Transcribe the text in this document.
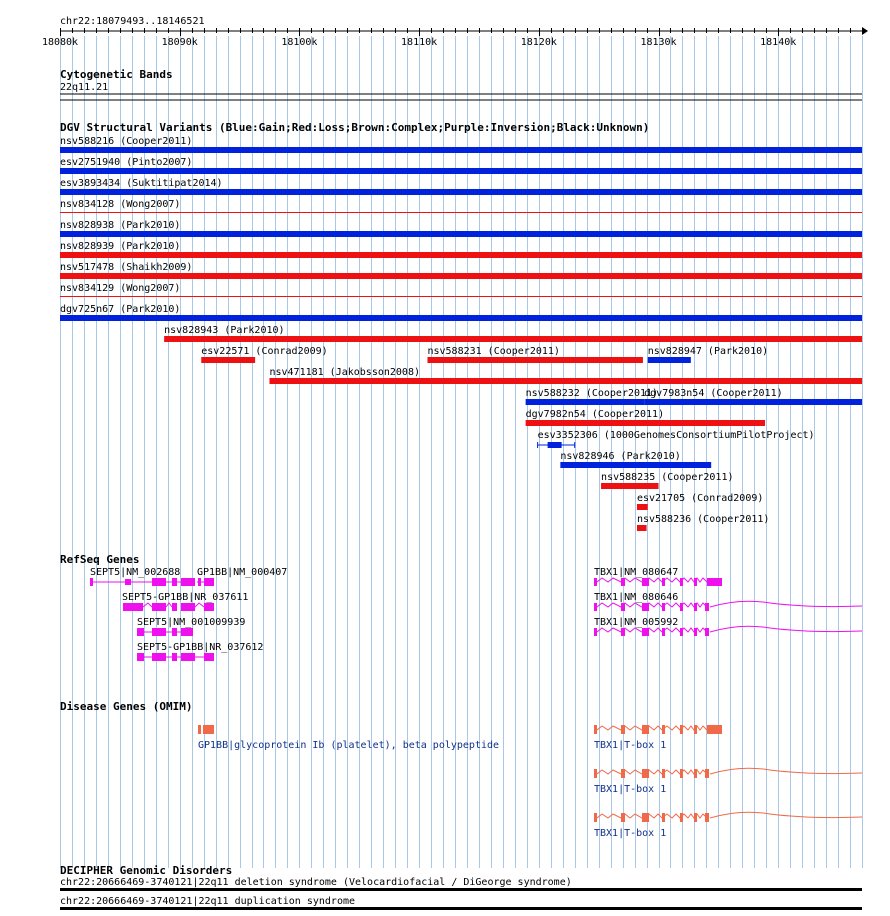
chr22:18079493..18146521
18080k	18090k	18100k	18110k	18120k	18130k	18140k
Cytogenetic Bands
22q11.21
DGV Structural Variants (Blue:Gain;Red:Loss;Brown:Complex;Purple:Inversion;Black:Unknown)
nsv588216 (Cooper2011)
esv2751940 (Pinto2007)
esv3893434 (Suktitipat2014)
nsv834128 (Wong2007)
nsv828938 (Park2010)
nsv828939 (Park2010)
nsv517478 (Shaikh2009)
nsv834129 (Wong2007)
dgv725n67 (Park2010)
nsv828943 (Park2010)
esv22571 (Conrad2009)	nsv588231 (Cooper2011)	nsv828947 (Park2010)
nsv471181 (Jakobsson2008)
nsv588232 (Cooper2011)
dgv7983n54 (Cooper2011)
dgv7982n54 (Cooper2011)
esv3352306 (1000GenomesConsortiumPilotProject)
nsv828946 (Park2010)
nsv588235 (Cooper2011)
esv21705 (Conrad2009)
nsv588236 (Cooper2011)
RefSeq Genes
SEPT5|NM_002688 GP1BB|NM_000407
SEPT5-GP1BB|NR_037611
SEPT5|NM_001009939
SEPT5-GP1BB|NR_037612
TBX1|NM_080647
TBX1|NM_080646
TBX1|NM_005992
Disease Genes (OMIM)
GP1BB|glycoprotein Ib (platelet), beta polypeptide	TBX1|T-box 1
TBX1|T-box 1
TBX1|T-box 1
DECIPHER Genomic Disorders
chr22:20666469-3740121|22q11 deletion syndrome (Velocardiofacial / DiGeorge syndrome)
chr22:20666469-3740121|22q11 duplication syndrome
